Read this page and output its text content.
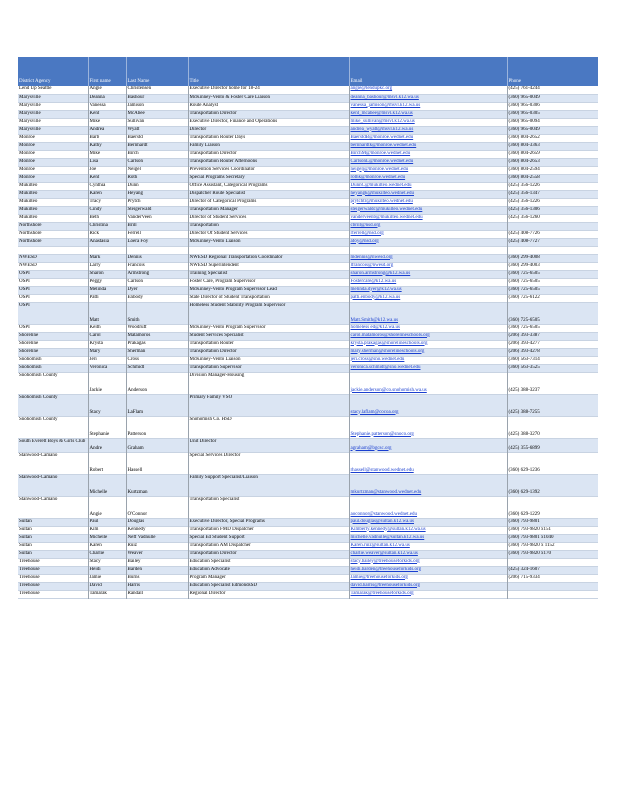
District Agency	First name	Last Name	Title	Email	Phone
Lend Up Seattle	Angie	Christensen	Executive Director home for 18-24	angie@lendupkc.org	(425) 761-4244
Marysville	Deanna	Bashour	McKinney-Vento & Foster Care Liaison	deanna_bashour@msvl.k12.wa.us	(360) 965-0049
Marysville	Vanessa	Jamison	Route Analyst	vanessa_jamison@msvl.k12.wa.us	(360) 965-0306
Marysville	Kent	McAbee	Transportation Director	kent_mcabee@msvl.k12.wa.us	(360) 965-0305
Marysville	Mike	Sullivan	Executive Director, Finance and Operations	mike_sullivan@msvl.k12.wa.us	(360) 965-0094
Marysville	Andrea	Wyatt	Director	andrea_wyatt@msvl.k12.wa.us	(360) 965-0049
Monroe	Barb	Baerstd	Transportation Router Days	BaerstdB@monroe.wednet.edu	(360) 804-2652
Monroe	Kathy	Bernhardt	Family Liaison	bernhardtk@monroe.wednet.edu	(360) 804-3363
Monroe	Mike	Birch	Transportation Director	BirchM@monroe.wednet.edu	(360) 804-2659
Monroe	Lisa	Carlson	Transportation Router Afternoons	CarlsonL@monroe.wednet.edu	(360) 804-2653
Monroe	Joe	Neigel	Prevention Services Coordinator	neigelj@monroe.wednet.edu	(360) 804-2594
Monroe	Kent	Roth	Special Programs Secretary	rothk@monroe.wednet.edu	(360) 804-2558
Mukilteo	Cynthia	Dunn	Office Assistant, Categorical Programs	DunnC@mukilteo.wednet.edu	(425) 356-1226
Mukilteo	Karen	Heyang	Dispatcher Route Specialist	heyangk@mukilteo.wednet.edu	(425) 356-1347
Mukilteo	Tracy	Prytch	Director of Categorical Programs	prytchtr@mukilteo.wednet.edu	(425) 356-1226
Mukilteo	Cindy	Steigerwald	Transportation Manager	steigerwaldc@mukilteo.wednet.edu	(425) 356-1306
Mukilteo	Beth	VanderVeen	Director of Student Services	vanderveenb@mukilteo.wednet.edu	(425) 356-1260
Northshore	Christina	Brill	Transportation	cbrill@nsd.org	
Northshore	Rick	Ferrell	Director Of Student Services	rferrell@nsd.org	(425) 408-7726
Northshore	Anastasia	Loera Foy	McKinney-Vento Liaison	afoy@nsd.org	(425) 408-7727

NWESD	Mark	Dennis	NWESD Regional Transportation Coordinator	mdennis@nwesd.org	(360) 299-4008
NWESD	Larry	Francois	NWESD Superintendent	lfrancois@nwesd.org	(360) 299-4003
OSPI	Sharon	Armstrong	Training Specialist	sharon.armstrong@k12.wa.us	(360) 725-6505
OSPI	Peggy	Carlson	Foster Care, Program Supervisor	Fostercare@k12.wa.us	(360) 725-6505
OSPI	Melinda	Dyer	McKinney-Vento Program Supervisor Lead	melinda.dyer@k12.wa.us	(360) 725-6505
OSPI	Patti	Enbody	State Director of Student Transportation	patti.enbody@k12.wa.us	(360) 725-6122
OSPI	Matt	Smith	Homeless Student Stability Program Supervisor	Matt.Smith@k12.wa.us	(360) 725-6505
OSPI	Keith	Woodruff	McKinney-Vento Program Supervisor	homeless ed@k12.wa.us	(360) 725-6505
Shoreline	Carol	Matamoros	Student Services Specialist	carol.matamoros@shorelineschools.org	(206) 393-3387
Shoreline	Krysta	Prakagas	Transportation Router	krysta.prakagas@shorelineschools.org	(206) 393-4277
Shoreline	Mary	Sherman	Transportation Director	mary.sherman@shorelineschools.org	(206) 393-4278
Snohomish	Jeri	Cross	McKinney-Vento Liaison	jeri.cross@sno.wednet.edu	(360) 563-7314
Snohomish	Veronica	Schmidt	Transportation Supervisor	veronica.schmidt@sno.wednet.edu	(360) 563-3525
Snohomish County	Jackie	Anderson	Division Manager-Housing	jackie.anderson@co.snohomish.wa.us	(425) 388-3237
Snohomish County	Stacy	LaFlam	Primary Family VSO	stacy.laflam@cocoa.org	(425) 388-7255
Snohomish County	Stephanie	Patterson	Snohomish Co. HSD	Stephanie.patterson@snoco.org	(425) 388-3270
South Everett Boys & Girls Club	Andre	Graham	Unit Director	agraham@bgcsc.org	(425) 355-6899
Stanwood-Camano	Robert	Hassell	Special Services Director	rhassell@stanwood.wednet.edu	(360) 629-1236
Stanwood-Camano	Michelle	Kurtzman	Family Support Specialist/Liaison	mkurtzman@stanwood.wednet.edu	(360) 629-1392
Stanwood-Camano	Angie	O'Connor	Transportation Specialist	aoconnor@stanwood.wednet.edu	(360) 629-1229
Sultan	Paul	Douglas	Executive Director, Special Programs	paul.douglas@sultan.k12.wa.us	(360) 793-9801
Sultan	Kim	Kennedy	Transportation FMD Dispatcher	Kimberly.kennedy@sultan.k12.wa.us	(360) 793-9820 x151
Sultan	Michelle	Neff Vadnulle	Special Ed Student Support	michelle.vadnulle@sultan.k12.wa.us	(360) 793-9801 x1040
Sultan	Karen	Ruiz	Transportation AM Dispatcher	Karen.ruiz@sultan.k12.wa.us	(360) 793-9820 x 1152
Sultan	Charlie	Weaver	Transportation Director	charlie.weaver@sultan.k12.wa.us	(360) 793-9820 x170
Treehouse	Stacy	Bailey	Education Specialist	stacy.bailey@treehouseforkids.org	
Treehouse	Heidi	Barden	Education Advocate	heidi.barden@treehouseforkids.org	(425) 324-1607
Treehouse	Jamie	Burns	Program Manager	Jamie@treehouseforkids.org	(206) 715-9334
Treehouse	David	Harris	Education Specialist EdmondsSD	david.harris@treehouseforkids.org	
Treehouse	Tamarak	Randall	Regional Director	Tamarak@treehouseforkids.org	
